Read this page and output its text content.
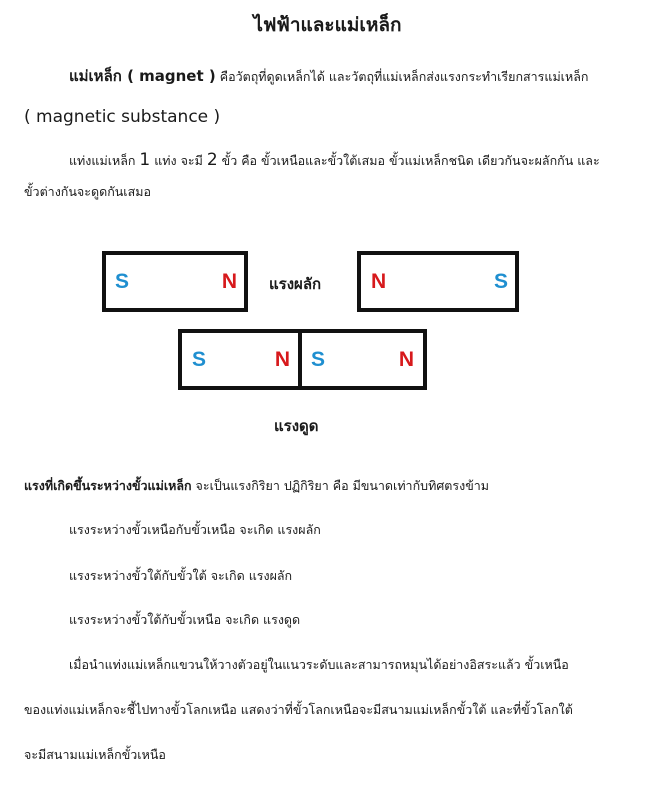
ไฟฟ้าและแม่เหล็ก
แม่เหล็ก ( magnet ) คือวัตถุที่ดูดเหล็กได้ และวัตถุที่แม่เหล็กส่งแรงกระทำเรียกสารแม่เหล็ก
( magnetic substance )
แท่งแม่เหล็ก 1 แท่ง จะมี 2 ขั้ว คือ ขั้วเหนือและขั้วใต้เสมอ ขั้วแม่เหล็กชนิด เดียวกันจะผลักกัน และ
ขั้วต่างกันจะดูดกันเสมอ
S	N แรงผลัก N	S
S	N S	N
แรงดูด
แรงที่เกิดขึ้นระหว่างขั้วแม่เหล็ก จะเป็นแรงกิริยา ปฏิกิริยา คือ มีขนาดเท่ากับทิศตรงข้าม
แรงระหว่างขั้วเหนือกับขั้วเหนือ จะเกิด แรงผลัก
แรงระหว่างขั้วใต้กับขั้วใต้ จะเกิด แรงผลัก
แรงระหว่างขั้วใต้กับขั้วเหนือ จะเกิด แรงดูด
เมื่อนำแท่งแม่เหล็กแขวนให้วางตัวอยู่ในแนวระดับและสามารถหมุนได้อย่างอิสระแล้ว ขั้วเหนือ
ของแท่งแม่เหล็กจะชี้ไปทางขั้วโลกเหนือ แสดงว่าที่ขั้วโลกเหนือจะมีสนามแม่เหล็กขั้วใต้ และที่ขั้วโลกใต้
จะมีสนามแม่เหล็กขั้วเหนือ
